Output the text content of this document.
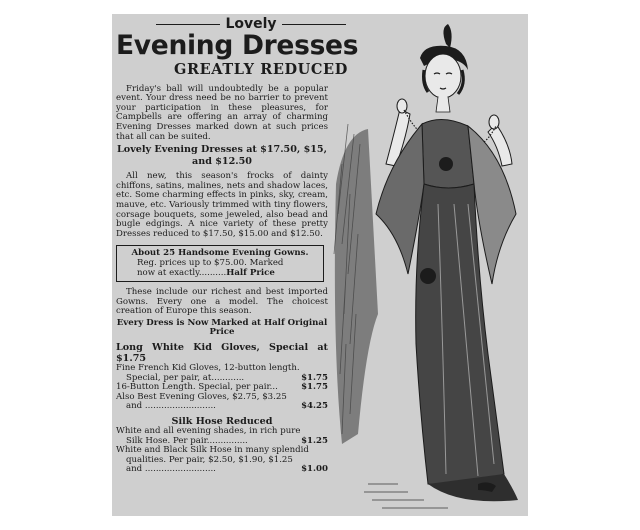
Lovely
Evening Dresses
GREATLY REDUCED

Friday's ball will undoubtedly be a popular event. Your dress need be no barrier to prevent your participation in these pleasures, for Campbells are offering an array of charming Evening Dresses marked down at such prices that all can be suited.

Lovely Evening Dresses at $17.50, $15, and $12.50

All new, this season's frocks of dainty chiffons, satins, malines, nets and shadow laces, etc. Some charming effects in pinks, sky, cream, mauve, etc. Variously trimmed with tiny flowers, corsage bouquets, some jeweled, also bead and bugle edgings. A nice variety of these pretty Dresses reduced to $17.50, $15.00 and $12.50.

About 25 Handsome Evening Gowns.
Reg. prices up to $75.00. Marked
now at exactly..........Half Price

These include our richest and best imported Gowns. Every one a model. The choicest creation of Europe this season.

Every Dress is Now Marked at Half Original Price
Long White Kid Gloves, Special at $1.75
Fine French Kid Gloves, 12-button length.
Special, per pair, at............	$1.75
16-Button Length. Special, per pair...	$1.75
Also Best Evening Gloves, $2.75, $3.25
and ..........................	$4.25
Silk Hose Reduced
White and all evening shades, in rich pure
Silk Hose. Per pair...............	$1.25
White and Black Silk Hose in many splendid
qualities. Per pair, $2.50, $1.90, $1.25
and ..........................	$1.00
